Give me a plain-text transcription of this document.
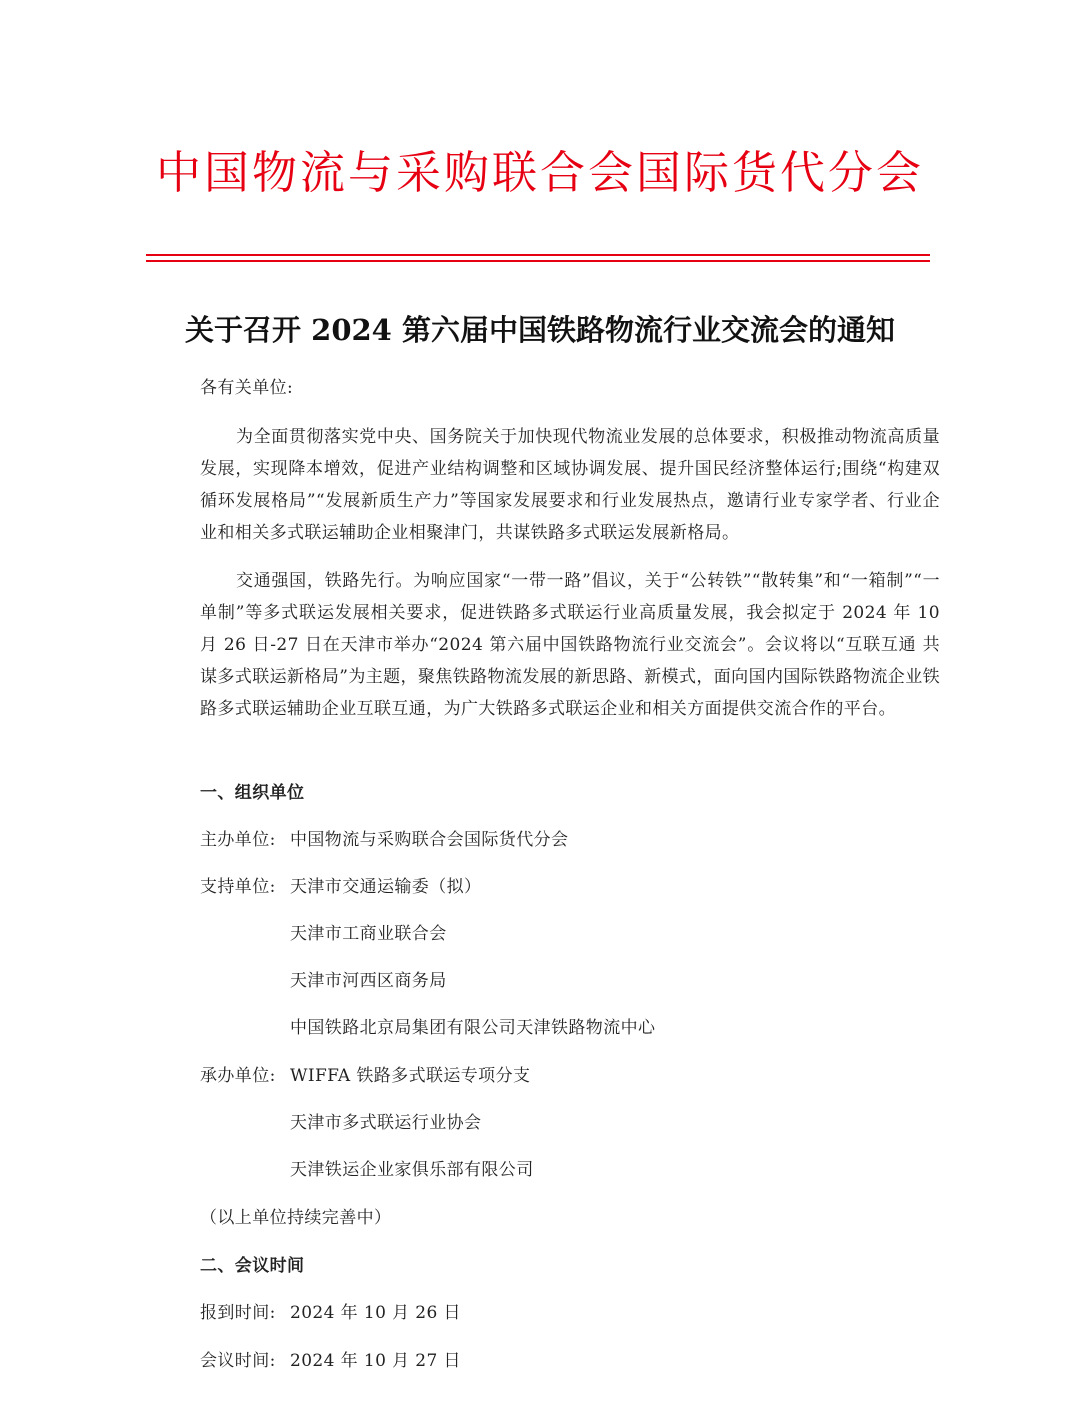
中国物流与采购联合会国际货代分会
关于召开 2024 第六届中国铁路物流行业交流会的通知
各有关单位:
为全面贯彻落实党中央、国务院关于加快现代物流业发展的总体要求，积极推动物流高质量发展，实现降本增效，促进产业结构调整和区域协调发展、提升国民经济整体运行;围绕“构建双循环发展格局”“发展新质生产力”等国家发展要求和行业发展热点，邀请行业专家学者、行业企业和相关多式联运辅助企业相聚津门，共谋铁路多式联运发展新格局。
交通强国，铁路先行。为响应国家“一带一路”倡议，关于“公转铁”“散转集”和“一箱制”“一单制”等多式联运发展相关要求，促进铁路多式联运行业高质量发展，我会拟定于 2024 年 10 月 26 日-27 日在天津市举办“2024 第六届中国铁路物流行业交流会”。会议将以“互联互通 共谋多式联运新格局”为主题，聚焦铁路物流发展的新思路、新模式，面向国内国际铁路物流企业铁路多式联运辅助企业互联互通，为广大铁路多式联运企业和相关方面提供交流合作的平台。
一、组织单位
主办单位: 中国物流与采购联合会国际货代分会
支持单位: 天津市交通运输委（拟）
天津市工商业联合会
天津市河西区商务局
中国铁路北京局集团有限公司天津铁路物流中心
承办单位: WIFFA 铁路多式联运专项分支
天津市多式联运行业协会
天津铁运企业家俱乐部有限公司
（以上单位持续完善中）
二、会议时间
报到时间: 2024 年 10 月 26 日
会议时间: 2024 年 10 月 27 日
